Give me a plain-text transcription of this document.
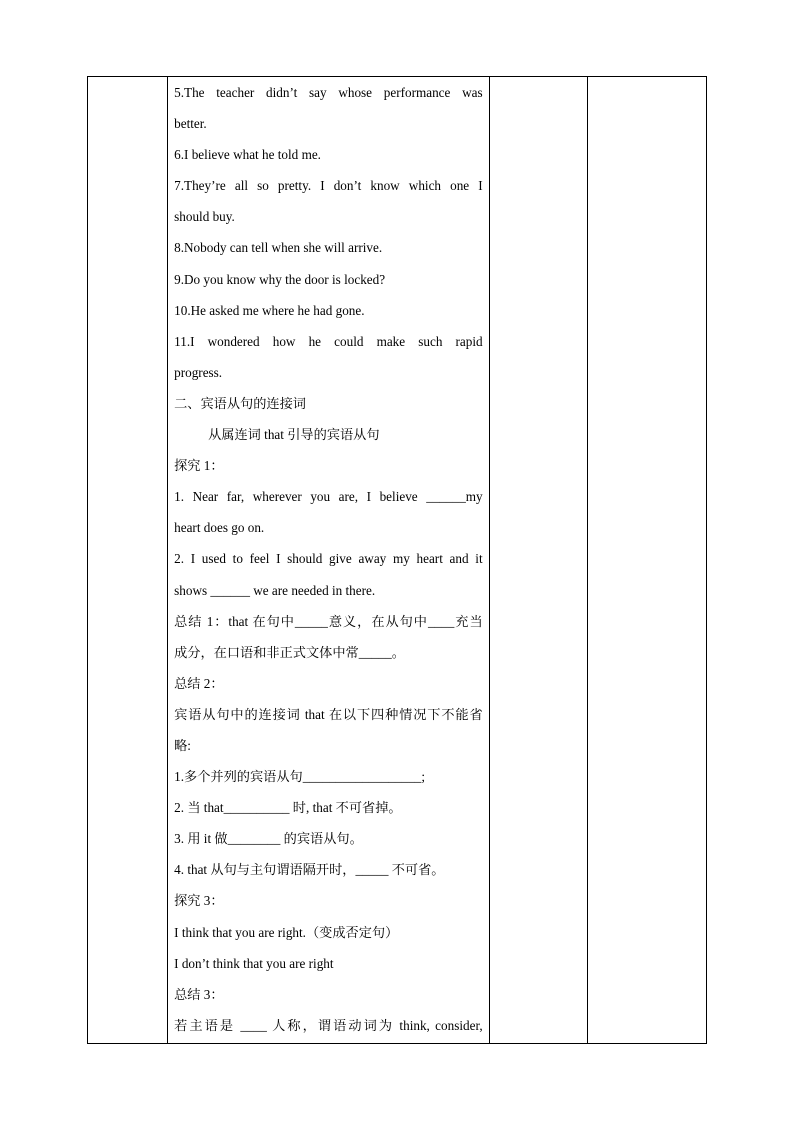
5.The teacher didn’t say whose performance was
better.
6.I believe what he told me.
7.They’re all so pretty. I don’t know which one I
should buy.
8.Nobody can tell when she will arrive.
9.Do you know why the door is locked?
10.He asked me where he had gone.
11.I wondered how he could make such rapid
progress.
二、宾语从句的连接词
从属连词 that 引导的宾语从句
探究 1：
1. Near far, wherever you are, I believe ______my
heart does go on.
2. I used to feel I should give away my heart and it
shows ______ we are needed in there.
总结 1：that 在句中_____意义，在从句中____充当
成分，在口语和非正式文体中常_____。
总结 2：
宾语从句中的连接词 that 在以下四种情况下不能省
略:
1.多个并列的宾语从句__________________;
2. 当 that__________ 时, that 不可省掉。
3. 用 it 做________ 的宾语从句。
4. that 从句与主句谓语隔开时，_____ 不可省。
探究 3：
I think that you are right.（变成否定句）
I don’t think that you are right
总结 3：
若主语是 ____ 人称，谓语动词为 think, consider,
